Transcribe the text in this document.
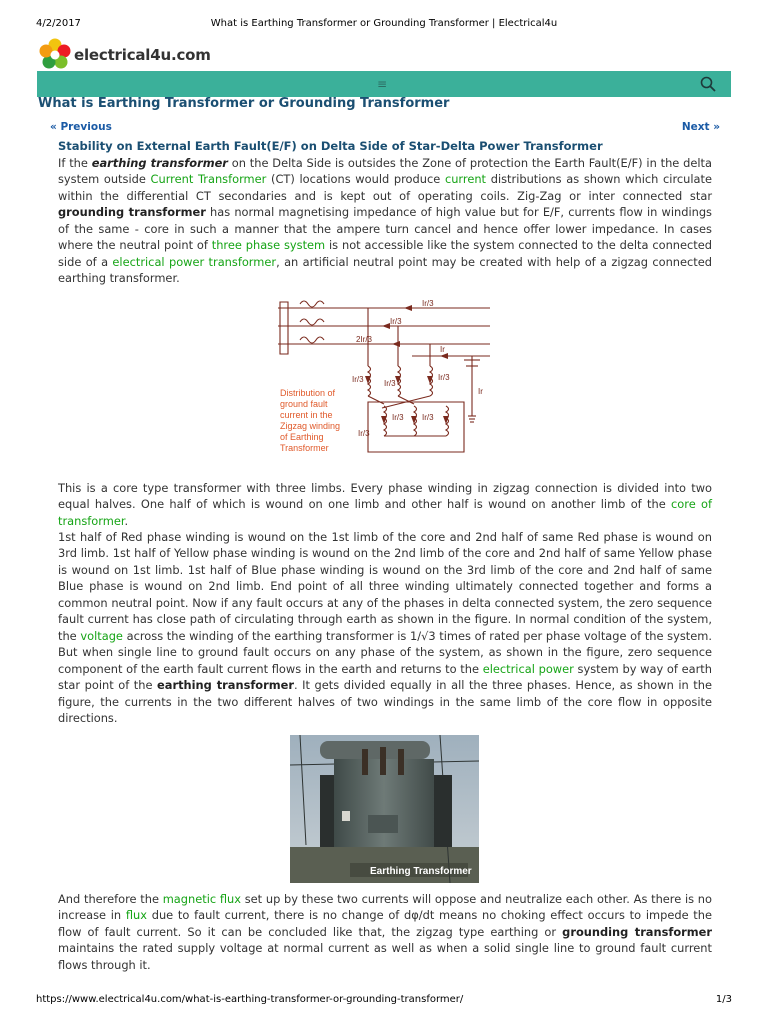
4/2/2017	What is Earthing Transformer or Grounding Transformer | Electrical4u
electrical4u.com
≡
What is Earthing Transformer or Grounding Transformer
« Previous	Next »
Stability on External Earth Fault(E/F) on Delta Side of Star-Delta Power Transformer

If the earthing transformer on the Delta Side is outsides the Zone of protection the Earth Fault(E/F) in the delta system outside Current Transformer (CT) locations would produce current distributions as shown which circulate within the differential CT secondaries and is kept out of operating coils. Zig-Zag or inter connected star grounding transformer has normal magnetising impedance of high value but for E/F, currents flow in windings of the same - core in such a manner that the ampere turn cancel and hence offer lower impedance. In cases where the neutral point of three phase system is not accessible like the system connected to the delta connected side of a electrical power transformer, an artificial neutral point may be created with help of a zigzag connected earthing transformer.

Ir/3
Ir/3
2Ir/3
Ir
Ir/3	Ir/3
Ir/3
Ir/3 Ir/3
Ir/3
Ir
Distribution of
ground fault
current in the
Zigzag winding
of Earthing
Transformer

This is a core type transformer with three limbs. Every phase winding in zigzag connection is divided into two equal halves. One half of which is wound on one limb and other half is wound on another limb of the core of transformer.

1st half of Red phase winding is wound on the 1st limb of the core and 2nd half of same Red phase is wound on 3rd limb. 1st half of Yellow phase winding is wound on the 2nd limb of the core and 2nd half of same Yellow phase is wound on 1st limb. 1st half of Blue phase winding is wound on the 3rd limb of the core and 2nd half of same Blue phase is wound on 2nd limb. End point of all three winding ultimately connected together and forms a common neutral point. Now if any fault occurs at any of the phases in delta connected system, the zero sequence fault current has close path of circulating through earth as shown in the figure. In normal condition of the system, the voltage across the winding of the earthing transformer is 1/√3 times of rated per phase voltage of the system. But when single line to ground fault occurs on any phase of the system, as shown in the figure, zero sequence component of the earth fault current flows in the earth and returns to the electrical power system by way of earth star point of the earthing transformer. It gets divided equally in all the three phases. Hence, as shown in the figure, the currents in the two different halves of two windings in the same limb of the core flow in opposite directions.

Earthing Transformer

And therefore the magnetic flux set up by these two currents will oppose and neutralize each other. As there is no increase in flux due to fault current, there is no change of dφ/dt means no choking effect occurs to impede the flow of fault current. So it can be concluded like that, the zigzag type earthing or grounding transformer maintains the rated supply voltage at normal current as well as when a solid single line to ground fault current flows through it.

https://www.electrical4u.com/what-is-earthing-transformer-or-grounding-transformer/	1/3
